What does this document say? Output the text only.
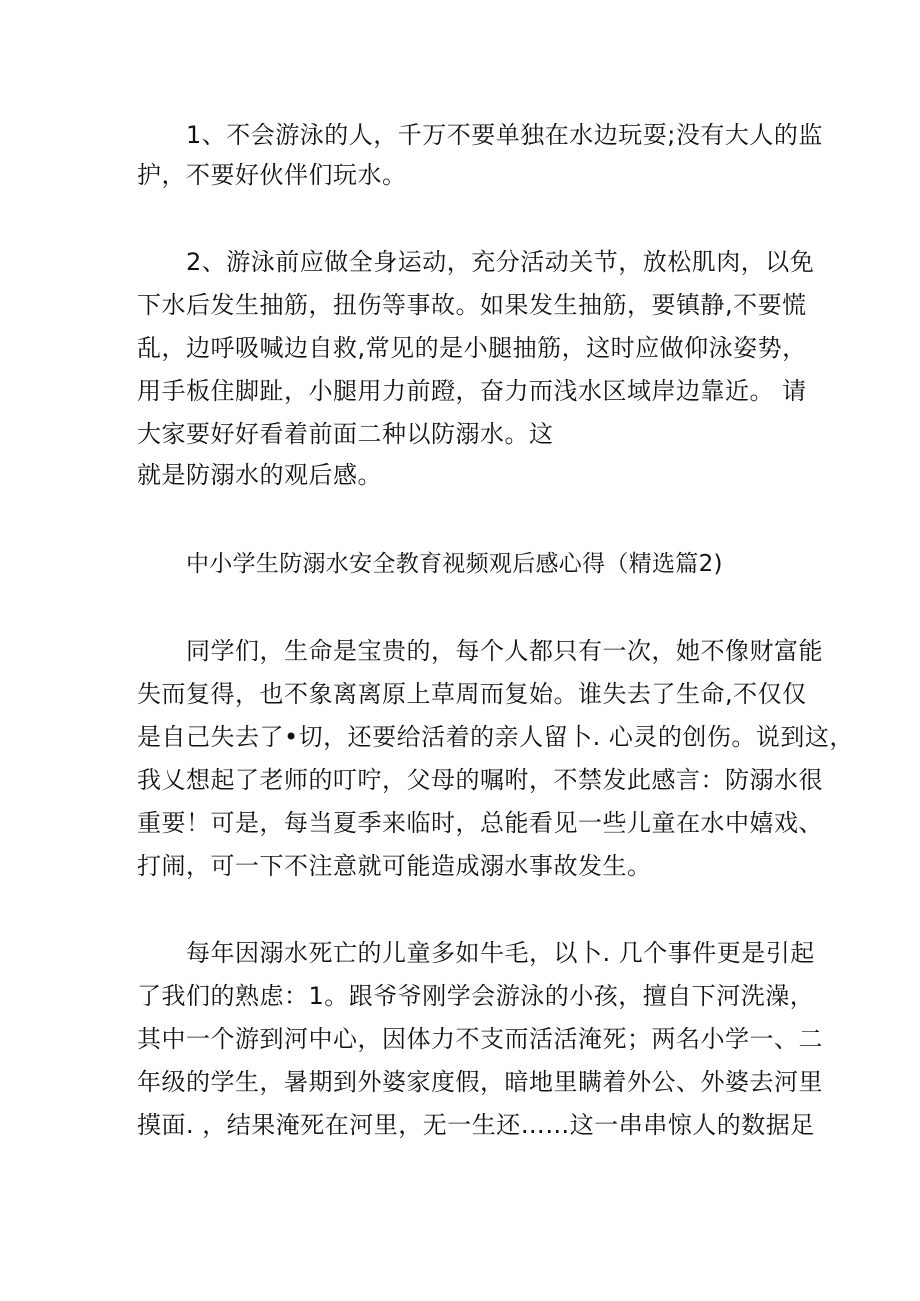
1、不会游泳的人，千万不要单独在水边玩耍;没有大人的监
护，不要好伙伴们玩水。
2、游泳前应做全身运动，充分活动关节，放松肌肉，以免
下水后发生抽筋，扭伤等事故。如果发生抽筋，要镇静,不要慌
乱，边呼吸喊边自救,常见的是小腿抽筋，这时应做仰泳姿势，
用手板住脚趾，小腿用力前蹬，奋力而浅水区域岸边靠近。 请
大家要好好看着前面二种以防溺水。这
就是防溺水的观后感。
中小学生防溺水安全教育视频观后感心得（精选篇2)
同学们，生命是宝贵的，每个人都只有一次，她不像财富能
失而复得，也不象离离原上草周而复始。谁失去了生命,不仅仅
是自己失去了•切，还要给活着的亲人留卜. 心灵的创伤。说到这，
我乂想起了老师的叮咛，父母的嘱咐，不禁发此感言：防溺水很
重要！可是，每当夏季来临时，总能看见一些儿童在水中嬉戏、
打闹，可一下不注意就可能造成溺水事故发生。
每年因溺水死亡的儿童多如牛毛，以卜. 几个事件更是引起
了我们的熟虑：1。跟爷爷刚学会游泳的小孩，擅自下河洗澡，
其中一个游到河中心，因体力不支而活活淹死；两名小学一、二
年级的学生，暑期到外婆家度假，暗地里瞒着外公、外婆去河里
摸面. ，结果淹死在河里，无一生还……这一串串惊人的数据足
